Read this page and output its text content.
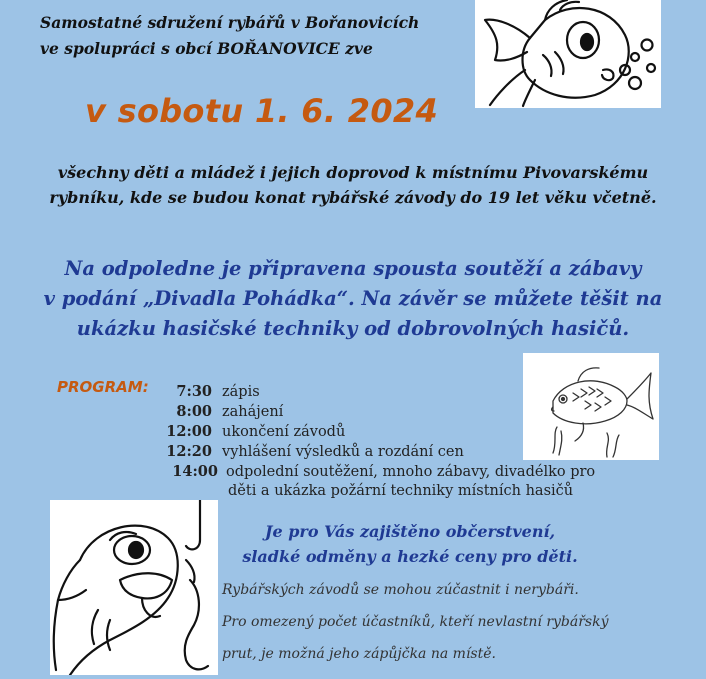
Samostatné sdružení rybářů v Bořanovicích
ve spolupráci s obcí BOŘANOVICE zve
v sobotu 1. 6. 2024
všechny děti a mládež i jejich doprovod k místnímu Pivovarskému
rybníku, kde se budou konat rybářské závody do 19 let věku včetně.
Na odpoledne je připravena spousta soutěží a zábavy
v podání „Divadla Pohádka“. Na závěr se můžete těšit na
ukázku hasičské techniky od dobrovolných hasičů.
PROGRAM: 7:30 zápis
8:00 zahájení
12:00 ukončení závodů
12:20 vyhlášení výsledků a rozdání cen
14:00 odpolední soutěžení, mnoho zábavy, divadélko pro
děti a ukázka požární techniky místních hasičů
Je pro Vás zajištěno občerstvení,
sladké odměny a hezké ceny pro děti.
Rybářských závodů se mohou zúčastnit i nerybáři.
Pro omezený počet účastníků, kteří nevlastní rybářský
prut, je možná jeho zápůjčka na místě.
